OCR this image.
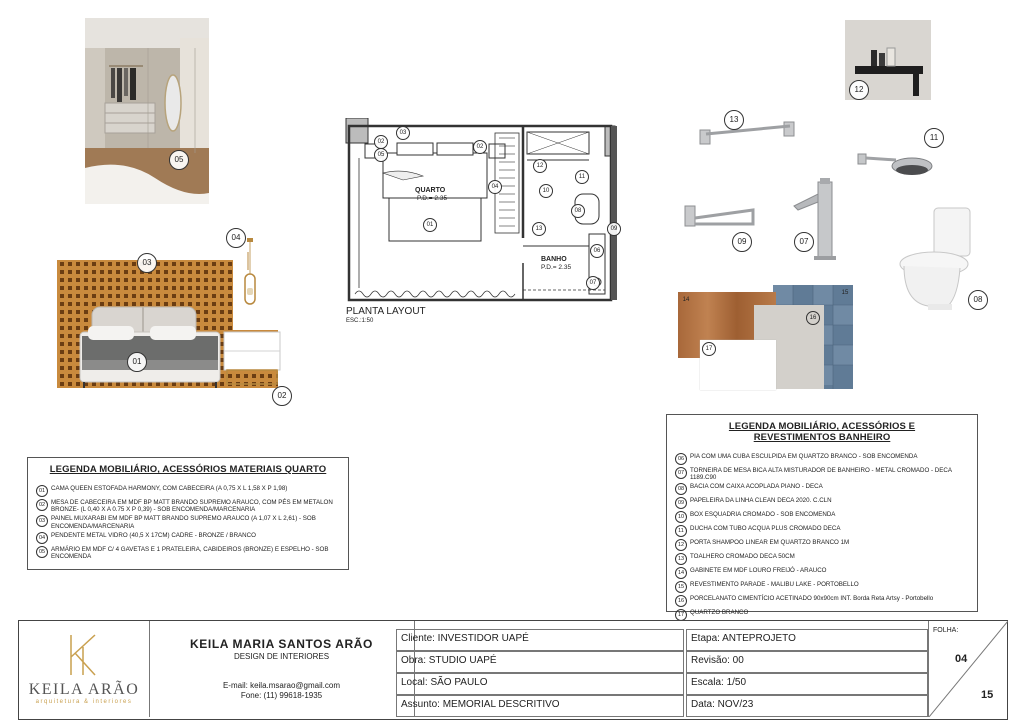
05
03
01
04
02
QUARTO
P.D.= 2.35
BANHO
P.D.= 2.35
03
02
05
02
04
01
12
10
11
08
09
13
06
07
PLANTA LAYOUT
ESC.:1:50
12
13
11
09	07
08
15
14
16
17
LEGENDA MOBILIÁRIO, ACESSÓRIOS MATERIAIS QUARTO
01 CAMA QUEEN ESTOFADA HARMONY, COM CABECEIRA (A 0,75 X L 1,58 X P 1,98)
02 MESA DE CABECEIRA EM MDF BP MATT BRANDO SUPREMO ARAUCO, COM PÉS EM METALON BRONZE- (L 0,40 X A 0.75 X P 0,39) - SOB ENCOMENDA/MARCENARIA
03 PAINEL MUXARABI EM MDF BP MATT BRANDO SUPREMO ARAUCO (A 1,07 X L 2,61) - SOB ENCOMENDA/MARCENARIA
04 PENDENTE METAL VIDRO (40,5 X 17CM) CADRE - BRONZE / BRANCO
05 ARMÁRIO EM MDF C/ 4 GAVETAS E 1 PRATELEIRA, CABIDEIROS (BRONZE) E ESPELHO - SOB ENCOMENDA
LEGENDA MOBILIÁRIO, ACESSÓRIOS E
REVESTIMENTOS BANHEIRO
06 PIA COM UMA CUBA ESCULPIDA EM QUARTZO BRANCO - SOB ENCOMENDA
07 TORNEIRA DE MESA BICA ALTA MISTURADOR DE BANHEIRO - METAL CROMADO - DECA 1189.C90
08 BACIA COM CAIXA ACOPLADA PIANO - DECA
09 PAPELEIRA DA LINHA CLEAN DECA 2020. C.CLN
10 BOX ESQUADRIA CROMADO - SOB ENCOMENDA
11 DUCHA COM TUBO ACQUA PLUS CROMADO DECA
12 PORTA SHAMPOO LINEAR EM QUARTZO BRANCO 1M
13 TOALHERO CROMADO DECA 50CM
14 GABINETE EM MDF LOURO FREIJÓ - ARAUCO
15 REVESTIMENTO PARADE - MALIBU LAKE - PORTOBELLO
16 PORCELANATO CIMENTÍCIO ACETINADO 90x90cm INT. Borda Reta Artsy - Portobello
17 QUARTZO BRANCO
KEILA ARÃO
arquitetura & interiores
KEILA MARIA SANTOS ARÃO
DESIGN DE INTERIORES
E-mail: keila.msarao@gmail.com
Fone: (11) 99618-1935
Cliente: INVESTIDOR UAPÉ
Obra: STUDIO UAPÉ
Local: SÃO PAULO
Assunto: MEMORIAL DESCRITIVO
Etapa: ANTEPROJETO
Revisão: 00
Escala: 1/50
Data: NOV/23
FOLHA:
04
15
